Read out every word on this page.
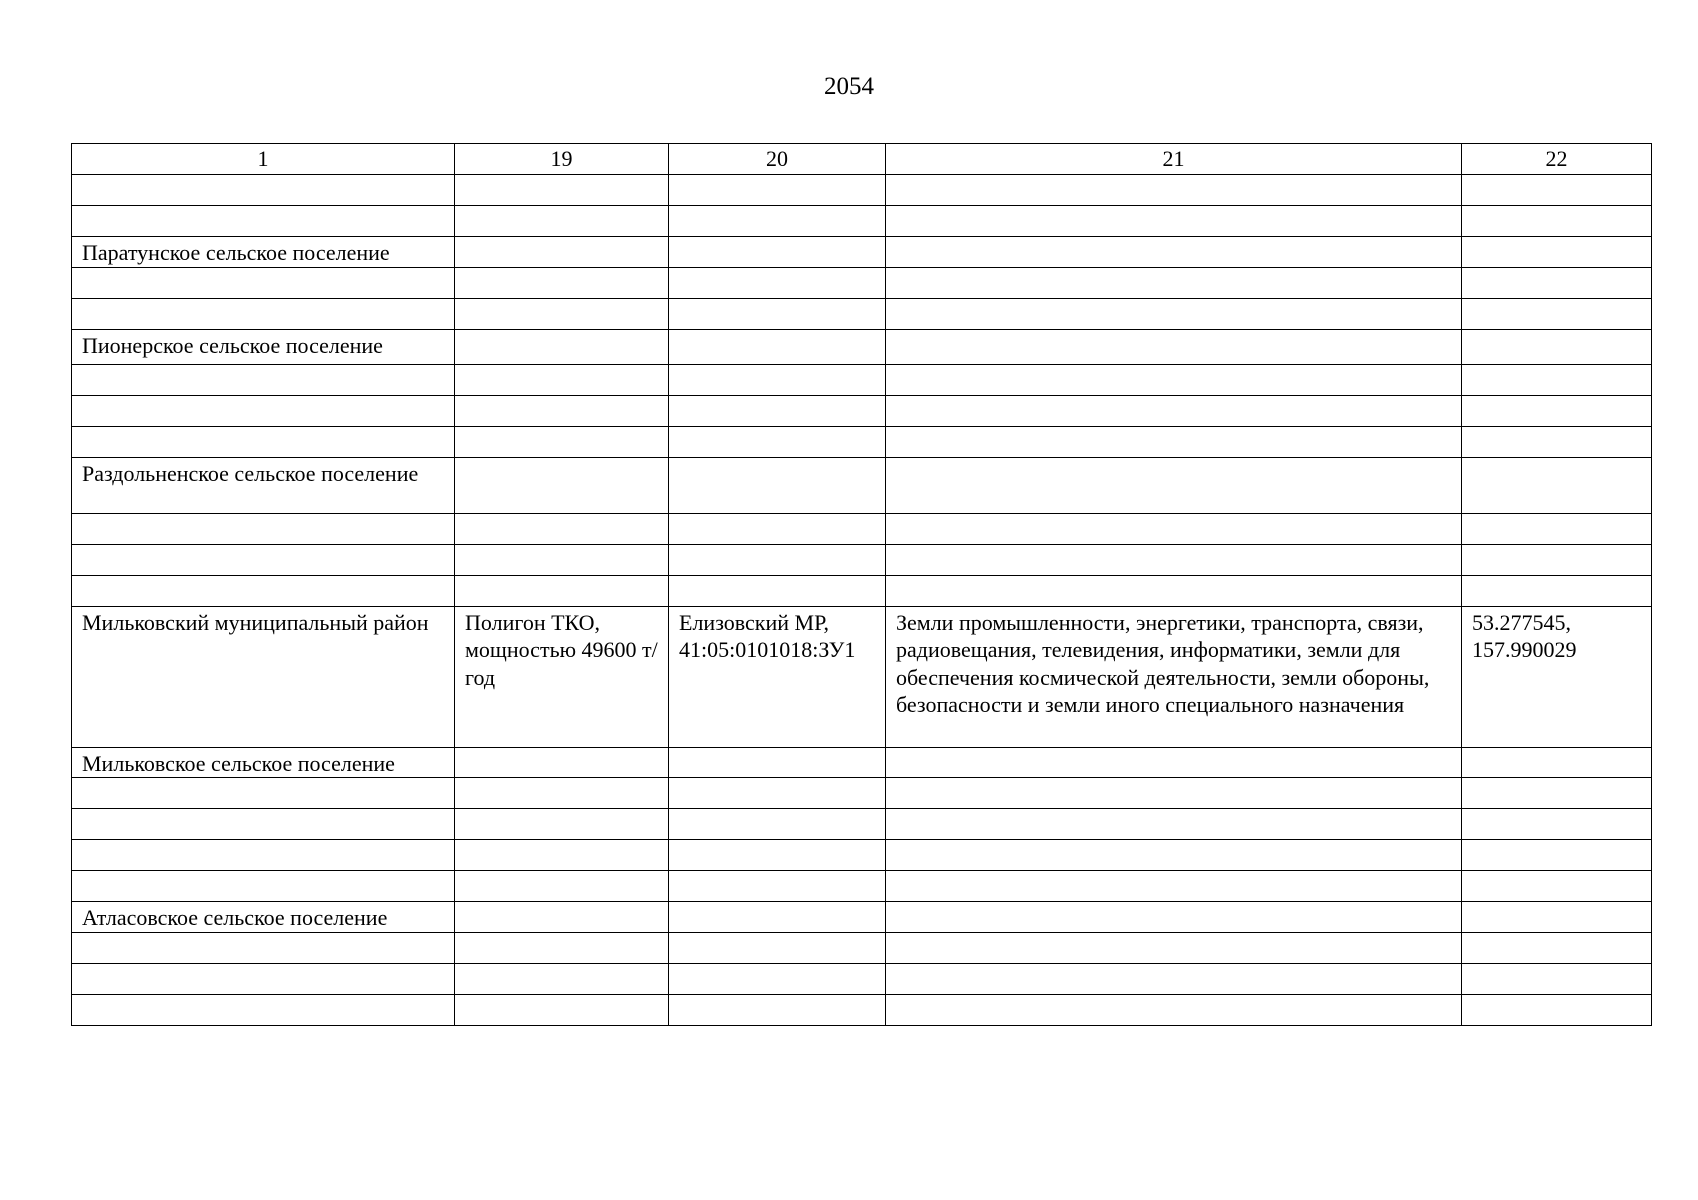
2054
1	19	20	21	22

Паратунское сельское поселение				

Пионерское сельское поселение				

Раздольненское сельское поселение				

Мильковский муниципальный район	Полигон ТКО, мощностью 49600 т/год	Елизовский МР, 41:05:0101018:ЗУ1	Земли промышленности, энергетики, транспорта, связи, радиовещания, телевидения, информатики, земли для обеспечения космической деятельности, земли обороны, безопасности и земли иного специального назначения	53.277545, 157.990029
Мильковское сельское поселение				

Атласовское сельское поселение				
